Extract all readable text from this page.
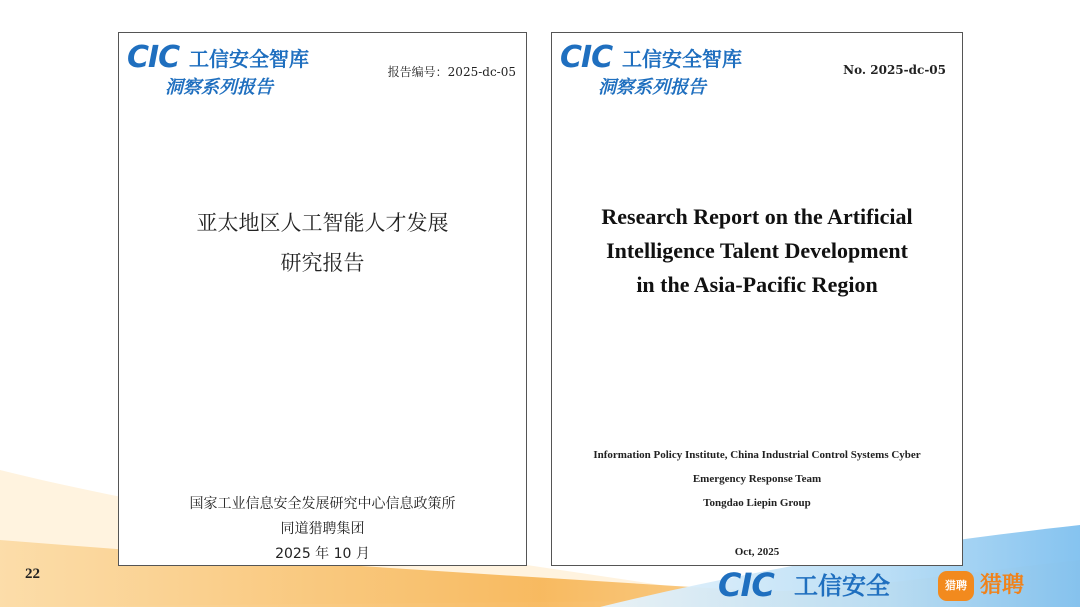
CIC 工信安全智库
洞察系列报告
报告编号：2025-dc-05
亚太地区人工智能人才发展
研究报告
国家工业信息安全发展研究中心信息政策所
同道猎聘集团
2025 年 10 月
CIC 工信安全智库
洞察系列报告
No. 2025-dc-05
Research Report on the Artificial
Intelligence Talent Development
in the Asia-Pacific Region
Information Policy Institute, China Industrial Control Systems Cyber
Emergency Response Team
Tongdao Liepin Group
Oct, 2025
22	CIC 工信安全	猎聘 猎聘
